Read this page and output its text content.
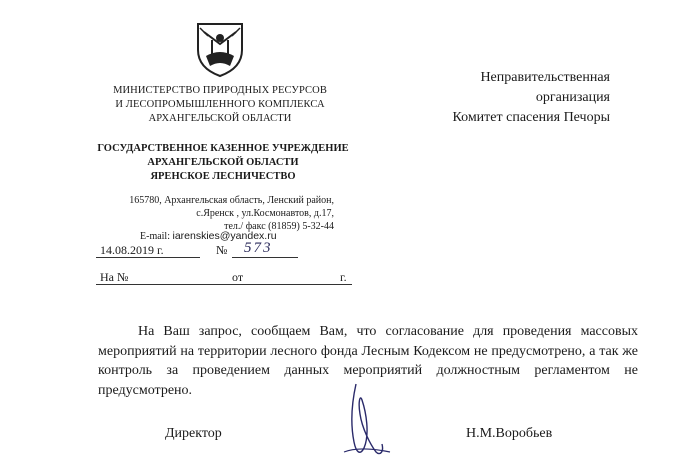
МИНИСТЕРСТВО ПРИРОДНЫХ РЕСУРСОВ
И ЛЕСОПРОМЫШЛЕННОГО КОМПЛЕКСА
АРХАНГЕЛЬСКОЙ ОБЛАСТИ
ГОСУДАРСТВЕННОЕ КАЗЕННОЕ УЧРЕЖДЕНИЕ
АРХАНГЕЛЬСКОЙ ОБЛАСТИ
ЯРЕНСКОЕ ЛЕСНИЧЕСТВО
165780, Архангельская область, Ленский район,
с.Яренск , ул.Космонавтов, д.17,
тел./ факс (81859) 5-32-44
E-mail: iarenskies@yandex.ru
14.08.2019 г.	№ 573
На №	от	г.
Неправительственная
организация
Комитет спасения Печоры

На Ваш запрос, сообщаем Вам, что согласование для проведения массовых мероприятий на территории лесного фонда Лесным Кодексом не предусмотрено, а так же контроль за проведением данных мероприятий должностным регламентом не предусмотрено.

Директор	Н.М.Воробьев
